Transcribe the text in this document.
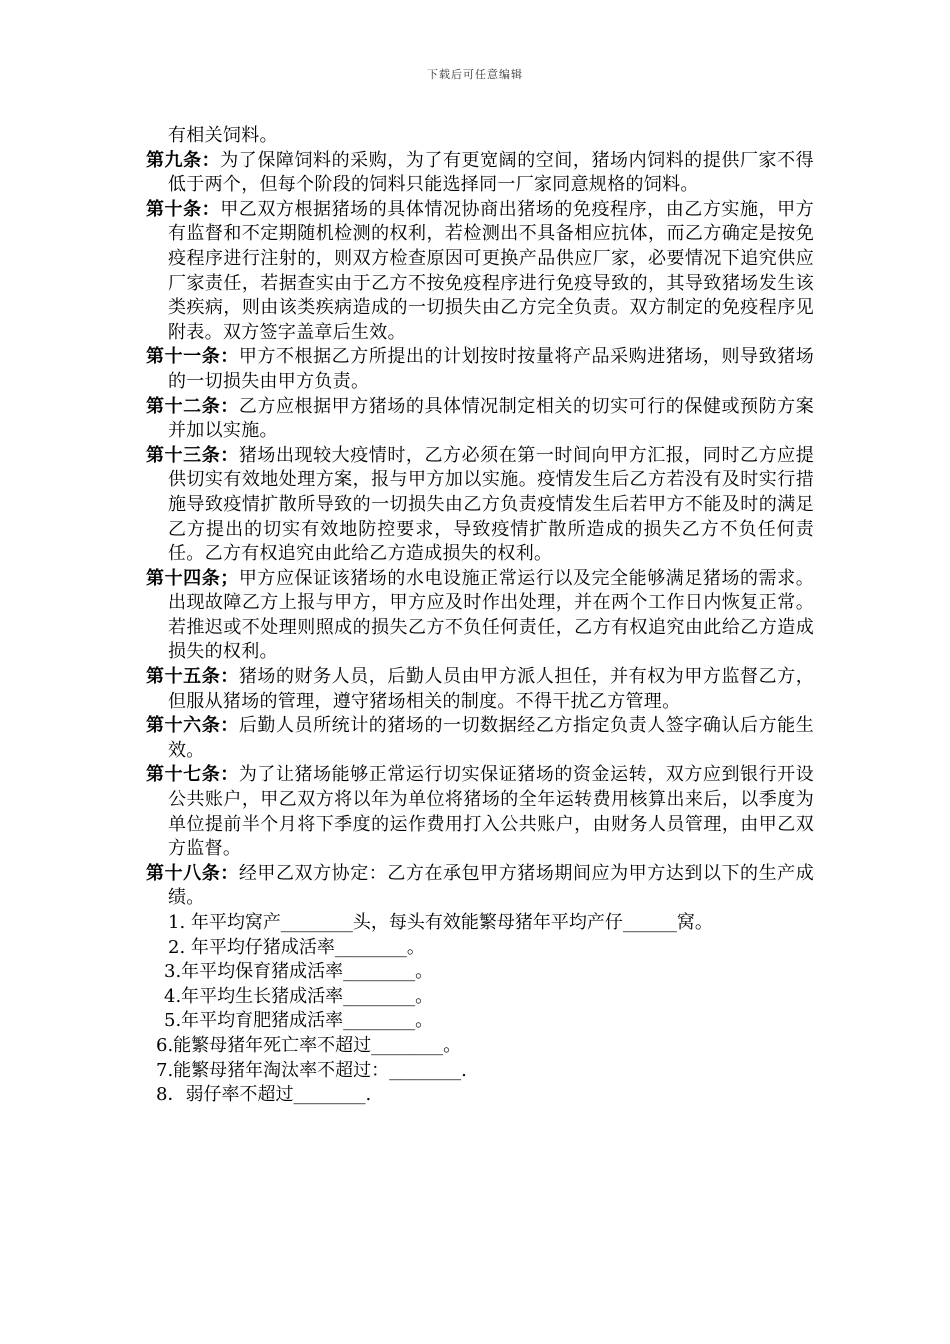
下载后可任意编辑

有相关饲料。

第九条：为了保障饲料的采购，为了有更宽阔的空间，猪场内饲料的提供厂家不得低于两个，但每个阶段的饲料只能选择同一厂家同意规格的饲料。

第十条：甲乙双方根据猪场的具体情况协商出猪场的免疫程序，由乙方实施，甲方有监督和不定期随机检测的权利，若检测出不具备相应抗体，而乙方确定是按免疫程序进行注射的，则双方检查原因可更换产品供应厂家，必要情况下追究供应厂家责任，若据查实由于乙方不按免疫程序进行免疫导致的，其导致猪场发生该类疾病，则由该类疾病造成的一切损失由乙方完全负责。双方制定的免疫程序见附表。双方签字盖章后生效。

第十一条：甲方不根据乙方所提出的计划按时按量将产品采购进猪场，则导致猪场的一切损失由甲方负责。

第十二条：乙方应根据甲方猪场的具体情况制定相关的切实可行的保健或预防方案并加以实施。

第十三条：猪场出现较大疫情时，乙方必须在第一时间向甲方汇报，同时乙方应提供切实有效地处理方案，报与甲方加以实施。疫情发生后乙方若没有及时实行措施导致疫情扩散所导致的一切损失由乙方负责疫情发生后若甲方不能及时的满足乙方提出的切实有效地防控要求，导致疫情扩散所造成的损失乙方不负任何责任。乙方有权追究由此给乙方造成损失的权利。

第十四条；甲方应保证该猪场的水电设施正常运行以及完全能够满足猪场的需求。出现故障乙方上报与甲方，甲方应及时作出处理，并在两个工作日内恢复正常。若推迟或不处理则照成的损失乙方不负任何责任，乙方有权追究由此给乙方造成损失的权利。

第十五条：猪场的财务人员，后勤人员由甲方派人担任，并有权为甲方监督乙方，但服从猪场的管理，遵守猪场相关的制度。不得干扰乙方管理。

第十六条：后勤人员所统计的猪场的一切数据经乙方指定负责人签字确认后方能生效。

第十七条：为了让猪场能够正常运行切实保证猪场的资金运转，双方应到银行开设公共账户，甲乙双方将以年为单位将猪场的全年运转费用核算出来后，以季度为单位提前半个月将下季度的运作费用打入公共账户，由财务人员管理，由甲乙双方监督。

第十八条：经甲乙双方协定：乙方在承包甲方猪场期间应为甲方达到以下的生产成绩。

1. 年平均窝产________头，每头有效能繁母猪年平均产仔______窝。

2. 年平均仔猪成活率________。

3.年平均保育猪成活率________。

4.年平均生长猪成活率________。

5.年平均育肥猪成活率________。

6.能繁母猪年死亡率不超过________。

7.能繁母猪年淘汰率不超过：________.

8．弱仔率不超过________.
